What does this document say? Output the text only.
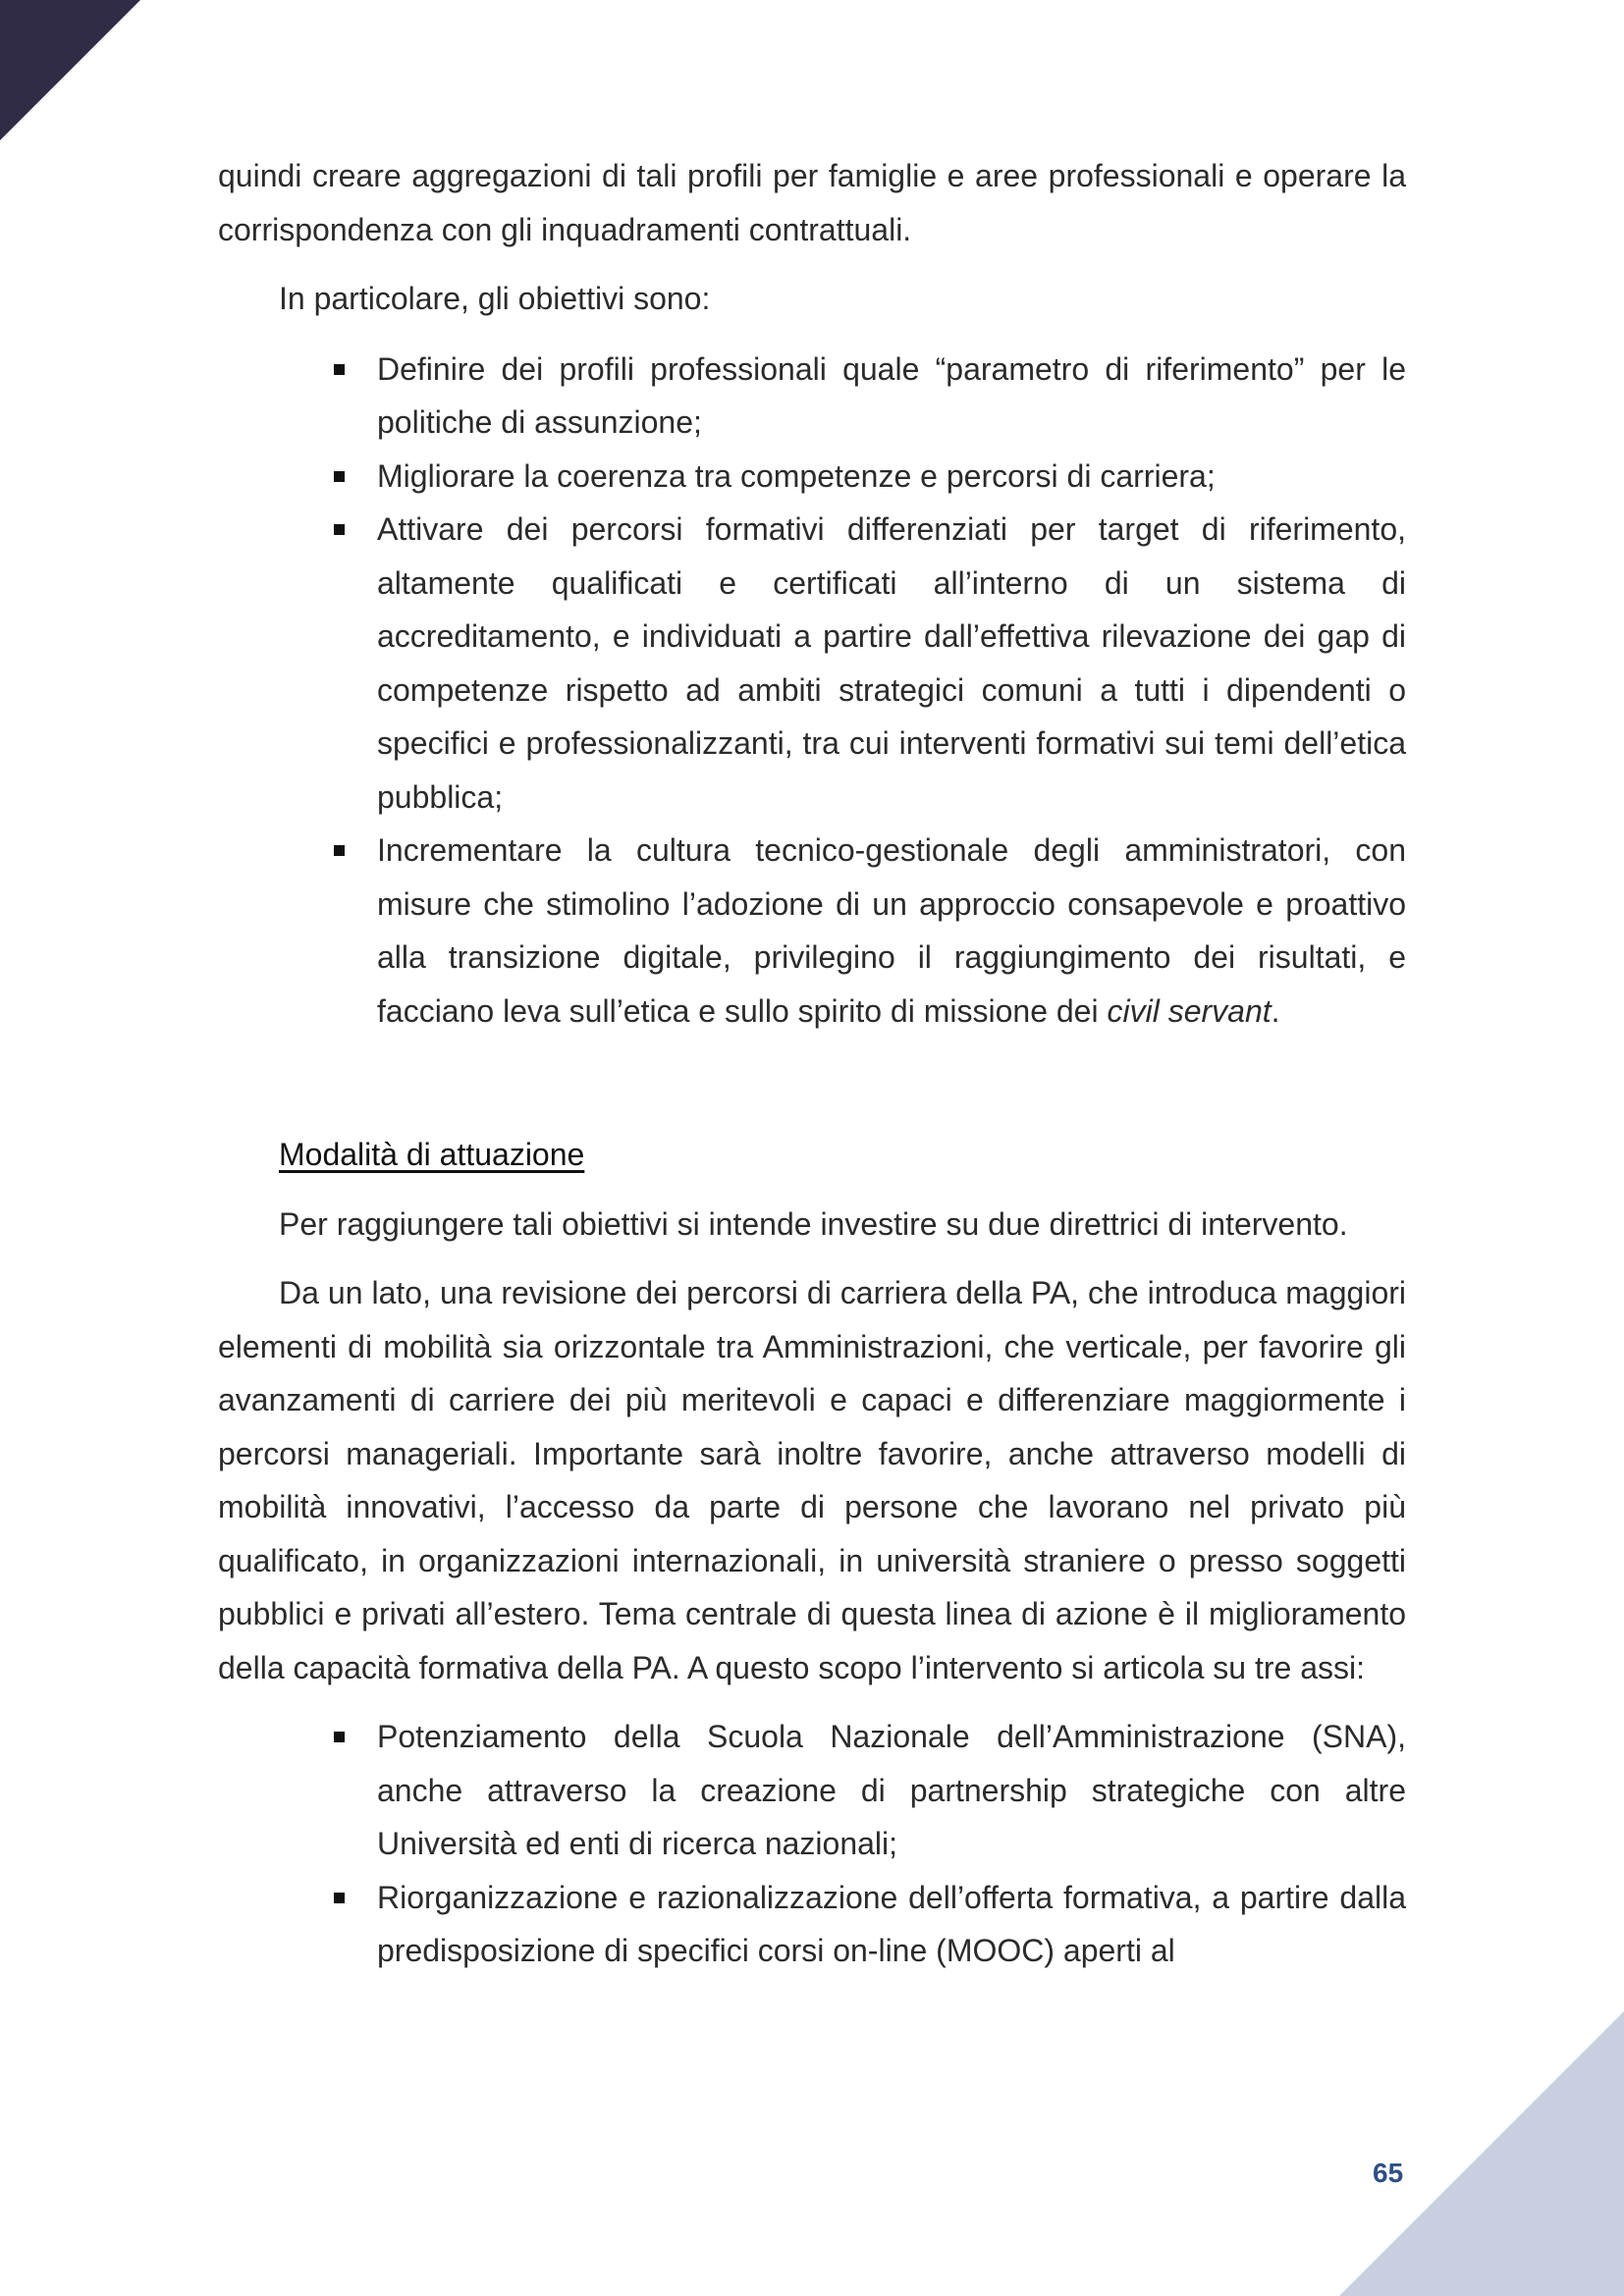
quindi creare aggregazioni di tali profili per famiglie e aree professionali e operare la corrispondenza con gli inquadramenti contrattuali.

In particolare, gli obiettivi sono:

Definire dei profili professionali quale “parametro di riferimento” per le politiche di assunzione;
Migliorare la coerenza tra competenze e percorsi di carriera;
Attivare dei percorsi formativi differenziati per target di riferimento, altamente qualificati e certificati all’interno di un sistema di accreditamento, e individuati a partire dall’effettiva rilevazione dei gap di competenze rispetto ad ambiti strategici comuni a tutti i dipendenti o specifici e professionalizzanti, tra cui interventi formativi sui temi dell’etica pubblica;
Incrementare la cultura tecnico-gestionale degli amministratori, con misure che stimolino l’adozione di un approccio consapevole e proattivo alla transizione digitale, privilegino il raggiungimento dei risultati, e facciano leva sull’etica e sullo spirito di missione dei civil servant.

Modalità di attuazione

Per raggiungere tali obiettivi si intende investire su due direttrici di intervento.

Da un lato, una revisione dei percorsi di carriera della PA, che introduca maggiori elementi di mobilità sia orizzontale tra Amministrazioni, che verticale, per favorire gli avanzamenti di carriere dei più meritevoli e capaci e differenziare maggiormente i percorsi manageriali. Importante sarà inoltre favorire, anche attraverso modelli di mobilità innovativi, l’accesso da parte di persone che lavorano nel privato più qualificato, in organizzazioni internazionali, in università straniere o presso soggetti pubblici e privati all’estero. Tema centrale di questa linea di azione è il miglioramento della capacità formativa della PA. A questo scopo l’intervento si articola su tre assi:

Potenziamento della Scuola Nazionale dell’Amministrazione (SNA), anche attraverso la creazione di partnership strategiche con altre Università ed enti di ricerca nazionali;
Riorganizzazione e razionalizzazione dell’offerta formativa, a partire dalla predisposizione di specifici corsi on-line (MOOC) aperti al
65
